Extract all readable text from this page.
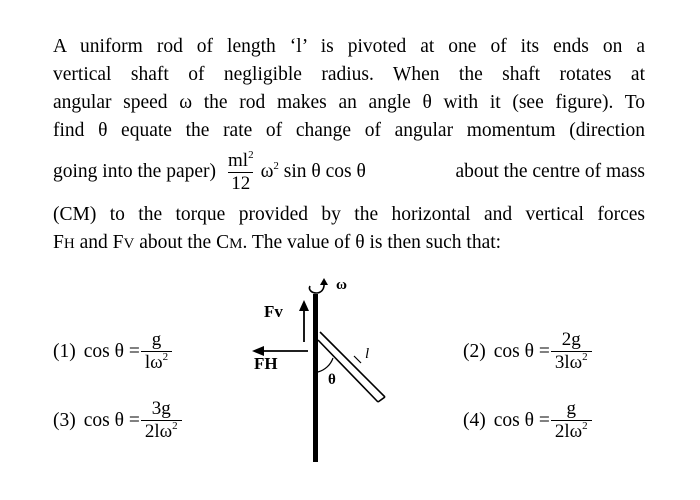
A uniform rod of length ‘l’ is pivoted at one of its ends on a
vertical shaft of negligible radius. When the shaft rotates at
angular speed ω the rod makes an angle θ with it (see figure). To
find θ equate the rate of change of angular momentum (direction
going into the paper) $\frac{ml^2}{12} \omega^2$ sin θ cos θ	about the centre of mass
(CM) to the torque provided by the horizontal and vertical forces
FH and FV about the CM. The value of θ is then such that:
ω
Fv
FH
θ
l
(1) $\cos \theta = \frac{g}{l\omega^2}$	(2) $\cos \theta = \frac{2g}{3l\omega^2}$
(3) $\cos \theta = \frac{3g}{2l\omega^2}$	(4) $\cos \theta = \frac{g}{2l\omega^2}$
